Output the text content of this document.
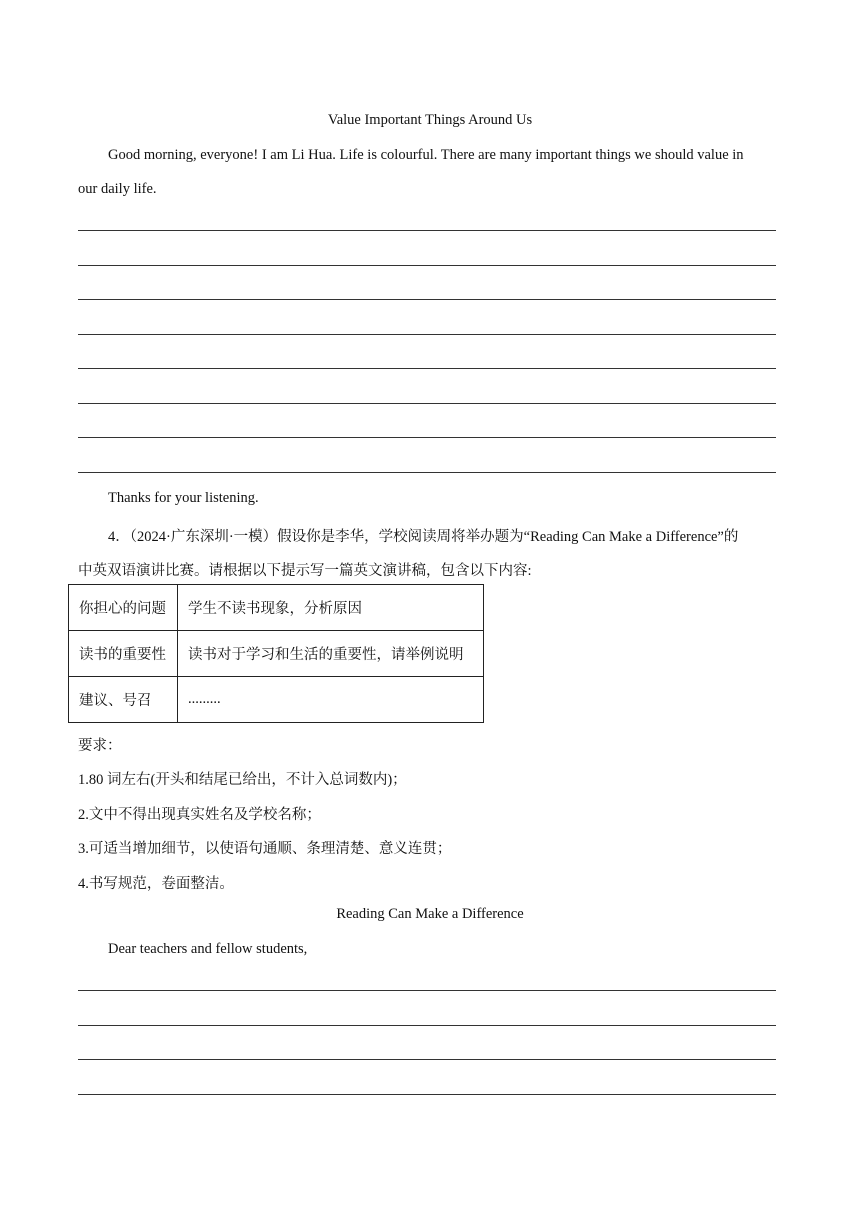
Value Important Things Around Us
Good morning, everyone! I am Li Hua. Life is colourful. There are many important things we should value in
our daily life.
Thanks for your listening.
4．（2024·广东深圳·一模）假设你是李华，学校阅读周将举办题为“Reading Can Make a Difference”的
中英双语演讲比赛。请根据以下提示写一篇英文演讲稿，包含以下内容:
你担心的问题	学生不读书现象，分析原因
读书的重要性	读书对于学习和生活的重要性，请举例说明
建议、号召	.........
要求：
1.80 词左右(开头和结尾已给出，不计入总词数内)；
2.文中不得出现真实姓名及学校名称；
3.可适当增加细节，以使语句通顺、条理清楚、意义连贯；
4.书写规范，卷面整洁。
Reading Can Make a Difference
Dear teachers and fellow students,
